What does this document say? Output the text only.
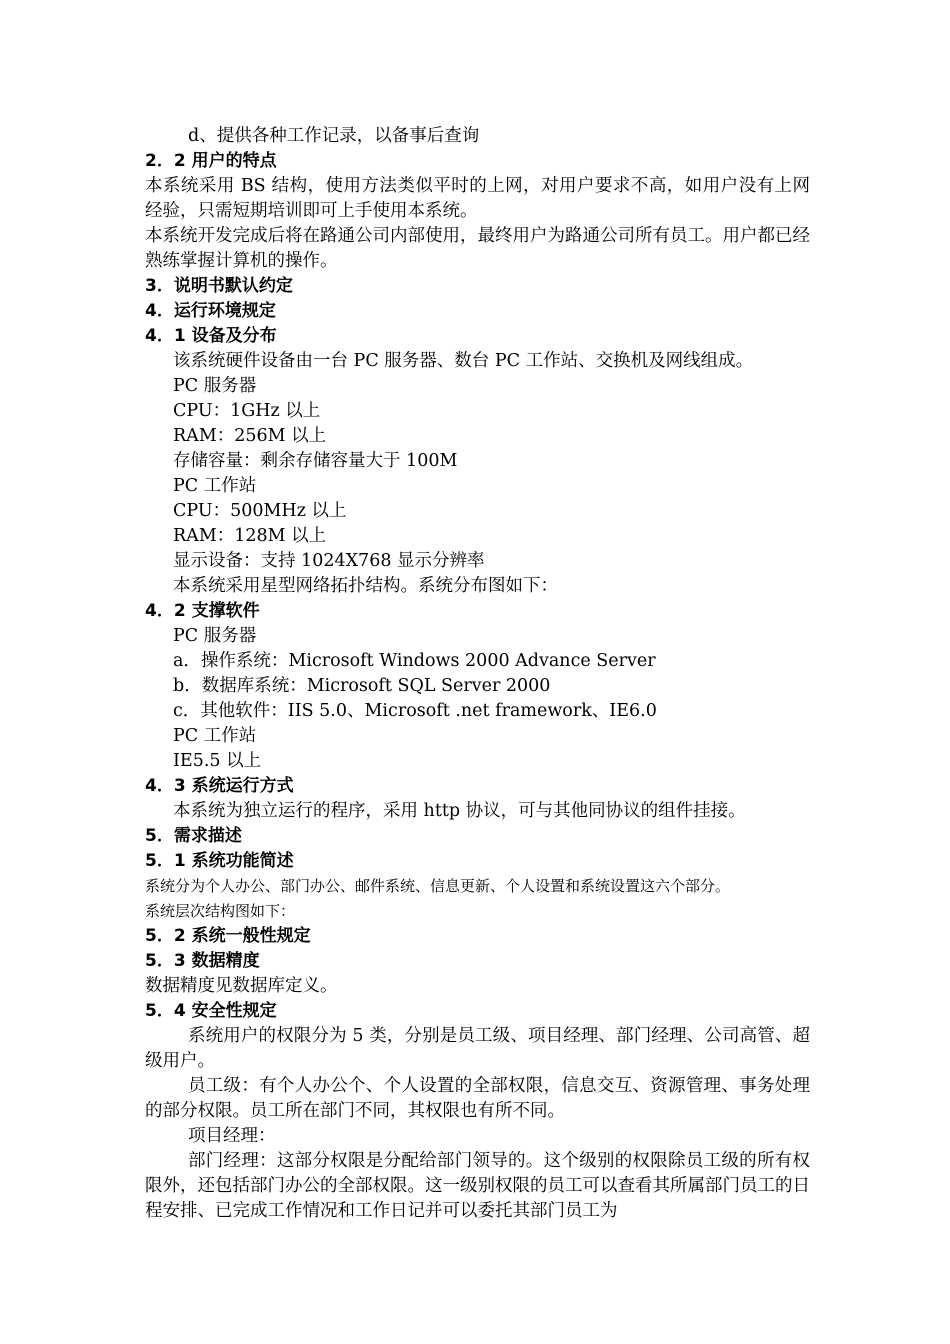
d、提供各种工作记录，以备事后查询
2．2 用户的特点
本系统采用 BS 结构，使用方法类似平时的上网，对用户要求不高，如用户没有上网经验，只需短期培训即可上手使用本系统。
本系统开发完成后将在路通公司内部使用，最终用户为路通公司所有员工。用户都已经熟练掌握计算机的操作。
3．说明书默认约定
4．运行环境规定
4．1 设备及分布
该系统硬件设备由一台 PC 服务器、数台 PC 工作站、交换机及网线组成。
PC 服务器
CPU：1GHz 以上
RAM：256M 以上
存储容量：剩余存储容量大于 100M
PC 工作站
CPU：500MHz 以上
RAM：128M 以上
显示设备：支持 1024X768 显示分辨率
本系统采用星型网络拓扑结构。系统分布图如下：
4．2 支撑软件
PC 服务器
a．操作系统：Microsoft Windows 2000 Advance Server
b．数据库系统：Microsoft SQL Server 2000
c．其他软件：IIS 5.0、Microsoft .net framework、IE6.0
PC 工作站
IE5.5 以上
4．3 系统运行方式
本系统为独立运行的程序，采用 http 协议，可与其他同协议的组件挂接。
5．需求描述
5．1 系统功能简述
系统分为个人办公、部门办公、邮件系统、信息更新、个人设置和系统设置这六个部分。
系统层次结构图如下：
5．2 系统一般性规定
5．3 数据精度
数据精度见数据库定义。
5．4 安全性规定
系统用户的权限分为 5 类，分别是员工级、项目经理、部门经理、公司高管、超级用户。
员工级：有个人办公个、个人设置的全部权限，信息交互、资源管理、事务处理的部分权限。员工所在部门不同，其权限也有所不同。
项目经理：
部门经理：这部分权限是分配给部门领导的。这个级别的权限除员工级的所有权限外，还包括部门办公的全部权限。这一级别权限的员工可以查看其所属部门员工的日程安排、已完成工作情况和工作日记并可以委托其部门员工为
